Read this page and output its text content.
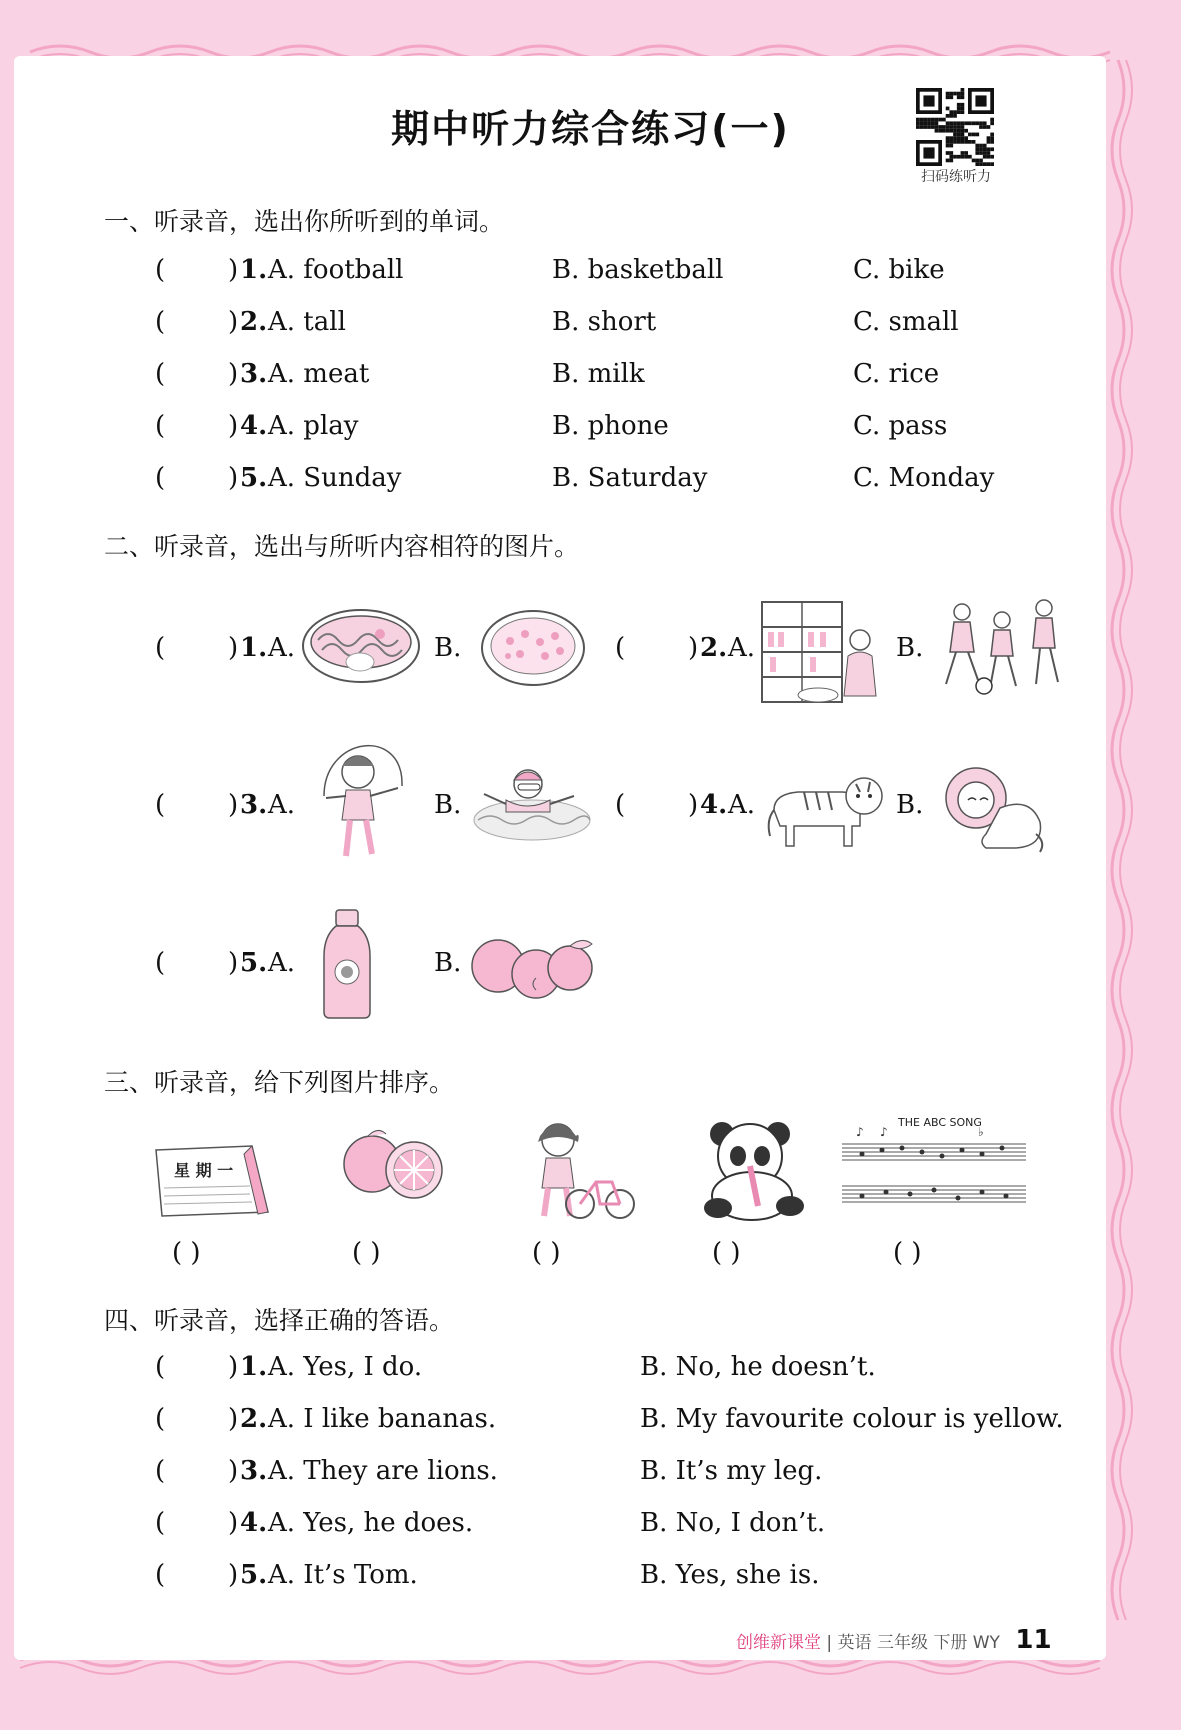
期中听力综合练习(一)
扫码练听力
一、听录音，选出你所听到的单词。
( ) 1. A. football	B. basketball	C. bike
( ) 2. A. tall	B. short	C. small
( ) 3. A. meat	B. milk	C. rice
( ) 4. A. play	B. phone	C. pass
( ) 5. A. Sunday	B. Saturday	C. Monday
二、听录音，选出与所听内容相符的图片。
( ) 1. A.	B.	( ) 2. A.	B.
( ) 3. A.	B.	( ) 4. A.	B.
( ) 5. A.	B.
三、听录音，给下列图片排序。
星 期 一
THE ABC SONG
♪ ♪	♭
( )	( )	( )	( )	( )
四、听录音，选择正确的答语。
( ) 1. A. Yes, I do.	B. No, he doesn’t.
( ) 2. A. I like bananas.	B. My favourite colour is yellow.
( ) 3. A. They are lions.	B. It’s my leg.
( ) 4. A. Yes, he does.	B. No, I don’t.
( ) 5. A. It’s Tom.	B. Yes, she is.
创维新课堂 | 英语 三年级 下册 WY 11
